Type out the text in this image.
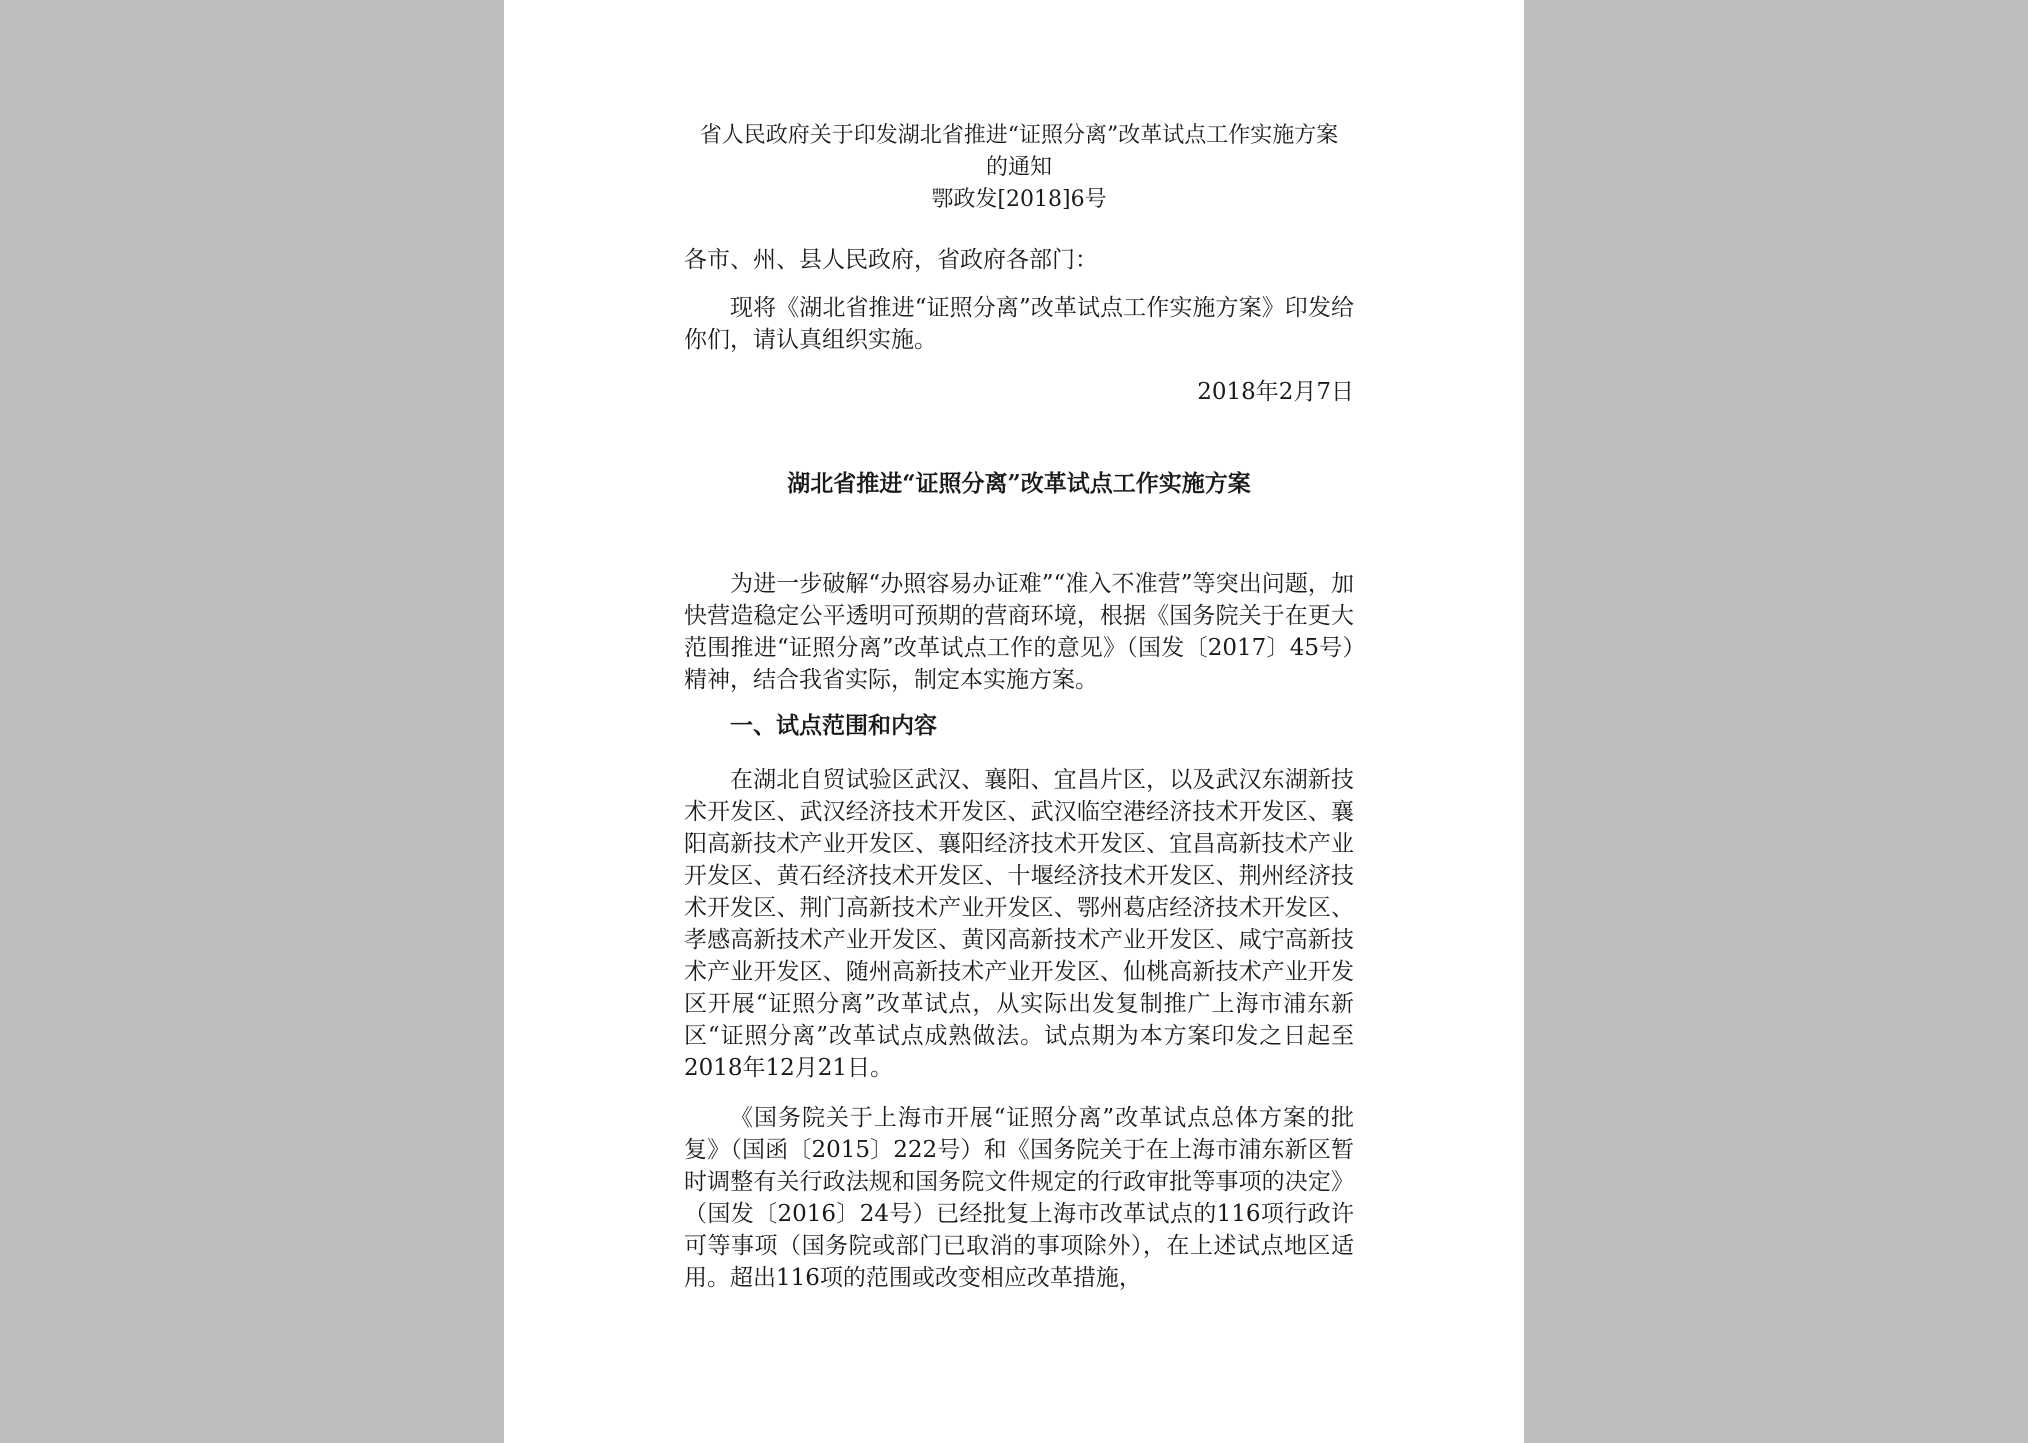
省人民政府关于印发湖北省推进“证照分离”改革试点工作实施方案的通知

鄂政发[2018]6号

各市、州、县人民政府，省政府各部门：

现将《湖北省推进“证照分离”改革试点工作实施方案》印发给你们，请认真组织实施。

2018年2月7日

湖北省推进“证照分离”改革试点工作实施方案

为进一步破解“办照容易办证难”“准入不准营”等突出问题，加快营造稳定公平透明可预期的营商环境，根据《国务院关于在更大范围推进“证照分离”改革试点工作的意见》（国发〔2017〕45号）精神，结合我省实际，制定本实施方案。

一、试点范围和内容

在湖北自贸试验区武汉、襄阳、宜昌片区，以及武汉东湖新技术开发区、武汉经济技术开发区、武汉临空港经济技术开发区、襄阳高新技术产业开发区、襄阳经济技术开发区、宜昌高新技术产业开发区、黄石经济技术开发区、十堰经济技术开发区、荆州经济技术开发区、荆门高新技术产业开发区、鄂州葛店经济技术开发区、孝感高新技术产业开发区、黄冈高新技术产业开发区、咸宁高新技术产业开发区、随州高新技术产业开发区、仙桃高新技术产业开发区开展“证照分离”改革试点，从实际出发复制推广上海市浦东新区“证照分离”改革试点成熟做法。试点期为本方案印发之日起至2018年12月21日。

《国务院关于上海市开展“证照分离”改革试点总体方案的批复》（国函〔2015〕222号）和《国务院关于在上海市浦东新区暂时调整有关行政法规和国务院文件规定的行政审批等事项的决定》（国发〔2016〕24号）已经批复上海市改革试点的116项行政许可等事项（国务院或部门已取消的事项除外），在上述试点地区适用。超出116项的范围或改变相应改革措施，
